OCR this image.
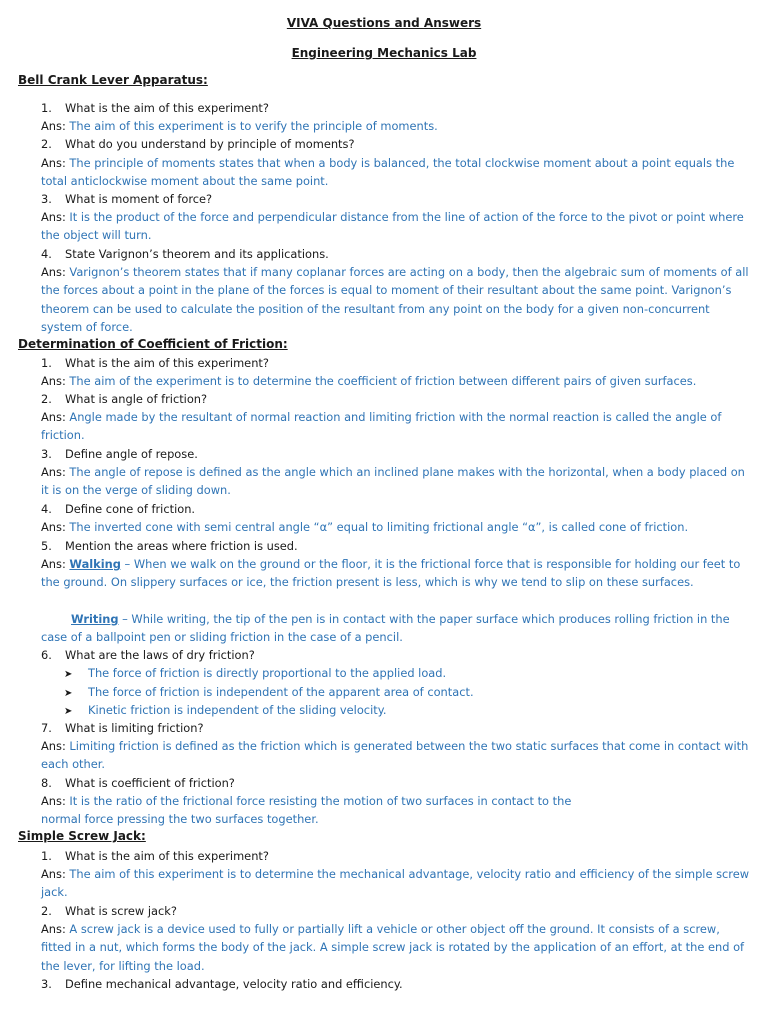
VIVA Questions and Answers
Engineering Mechanics Lab
Bell Crank Lever Apparatus:
1. What is the aim of this experiment?
Ans: The aim of this experiment is to verify the principle of moments.
2. What do you understand by principle of moments?
Ans: The principle of moments states that when a body is balanced, the total clockwise moment about a point equals the total anticlockwise moment about the same point.
3. What is moment of force?
Ans: It is the product of the force and perpendicular distance from the line of action of the force to the pivot or point where the object will turn.
4. State Varignon’s theorem and its applications.
Ans: Varignon’s theorem states that if many coplanar forces are acting on a body, then the algebraic sum of moments of all the forces about a point in the plane of the forces is equal to moment of their resultant about the same point. Varignon’s theorem can be used to calculate the position of the resultant from any point on the body for a given non-concurrent system of force.
Determination of Coefficient of Friction:
1. What is the aim of this experiment?
Ans: The aim of the experiment is to determine the coefficient of friction between different pairs of given surfaces.
2. What is angle of friction?
Ans: Angle made by the resultant of normal reaction and limiting friction with the normal reaction is called the angle of friction.
3. Define angle of repose.
Ans: The angle of repose is defined as the angle which an inclined plane makes with the horizontal, when a body placed on it is on the verge of sliding down.
4. Define cone of friction.
Ans: The inverted cone with semi central angle “α” equal to limiting frictional angle “α”, is called cone of friction.
5. Mention the areas where friction is used.
Ans: Walking – When we walk on the ground or the floor, it is the frictional force that is responsible for holding our feet to the ground. On slippery surfaces or ice, the friction present is less, which is why we tend to slip on these surfaces.
Writing – While writing, the tip of the pen is in contact with the paper surface which produces rolling friction in the case of a ballpoint pen or sliding friction in the case of a pencil.
6. What are the laws of dry friction?
➤ The force of friction is directly proportional to the applied load.
➤ The force of friction is independent of the apparent area of contact.
➤ Kinetic friction is independent of the sliding velocity.
7. What is limiting friction?
Ans: Limiting friction is defined as the friction which is generated between the two static surfaces that come in contact with each other.
8. What is coefficient of friction?
Ans: It is the ratio of the frictional force resisting the motion of two surfaces in contact to the
normal force pressing the two surfaces together.
Simple Screw Jack:
1. What is the aim of this experiment?
Ans: The aim of this experiment is to determine the mechanical advantage, velocity ratio and efficiency of the simple screw jack.
2. What is screw jack?
Ans: A screw jack is a device used to fully or partially lift a vehicle or other object off the ground. It consists of a screw, fitted in a nut, which forms the body of the jack. A simple screw jack is rotated by the application of an effort, at the end of the lever, for lifting the load.
3. Define mechanical advantage, velocity ratio and efficiency.
